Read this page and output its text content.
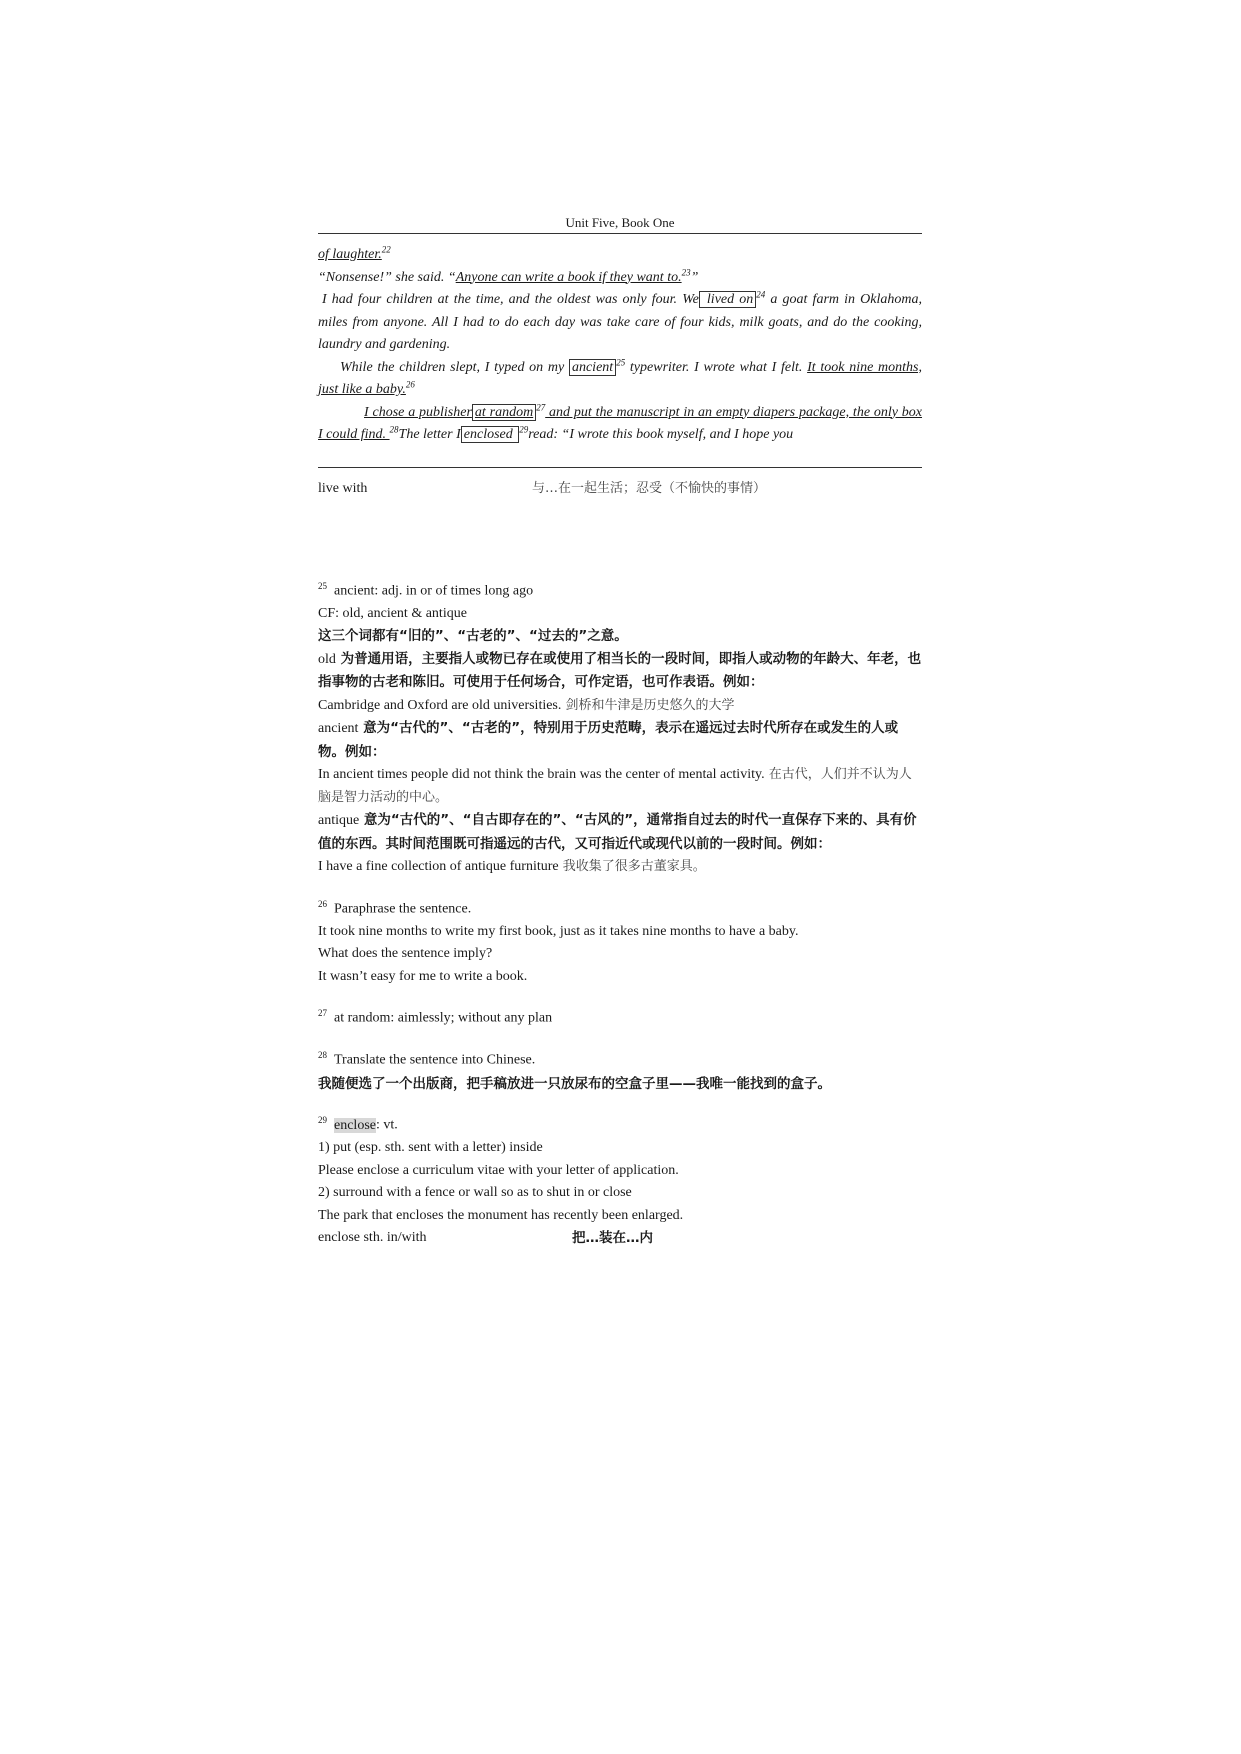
Unit Five, Book One

of laughter.$^{22}$

“Nonsense!” she said. “Anyone can write a book if they want to.$^{23}$”

I had four children at the time, and the oldest was only four. We lived on $^{24}$ a goat farm in Oklahoma, miles from anyone. All I had to do each day was take care of four kids, milk goats, and do the cooking, laundry and gardening.

While the children slept, I typed on my ancient $^{25}$ typewriter. I wrote what I felt. It took nine months, just like a baby.$^{26}$

I chose a publisher at random $^{27}$ and put the manuscript in an empty diapers package, the only box I could find. $^{28}$The letter I enclosed $^{29}$read: “I wrote this book myself, and I hope you

live with	与…在一起生活；忍受（不愉快的事情）

$^{25}$ ancient: adj. in or of times long ago

CF: old, ancient & antique

这三个词都有“旧的”、“古老的”、“过去的”之意。

old 为普通用语，主要指人或物已存在或使用了相当长的一段时间，即指人或动物的年龄大、年老，也指事物的古老和陈旧。可使用于任何场合，可作定语，也可作表语。例如：

Cambridge and Oxford are old universities. 剑桥和牛津是历史悠久的大学

ancient 意为“古代的”、“古老的”，特别用于历史范畴，表示在遥远过去时代所存在或发生的人或物。例如：

In ancient times people did not think the brain was the center of mental activity. 在古代，人们并不认为人脑是智力活动的中心。

antique 意为“古代的”、“自古即存在的”、“古风的”，通常指自过去的时代一直保存下来的、具有价值的东西。其时间范围既可指遥远的古代，又可指近代或现代以前的一段时间。例如：

I have a fine collection of antique furniture 我收集了很多古董家具。

$^{26}$ Paraphrase the sentence.

It took nine months to write my first book, just as it takes nine months to have a baby.

What does the sentence imply?

It wasn’t easy for me to write a book.

$^{27}$ at random: aimlessly; without any plan

$^{28}$ Translate the sentence into Chinese.

我随便选了一个出版商，把手稿放进一只放尿布的空盒子里——我唯一能找到的盒子。

$^{29}$ enclose: vt.

1) put (esp. sth. sent with a letter) inside

Please enclose a curriculum vitae with your letter of application.

2) surround with a fence or wall so as to shut in or close

The park that encloses the monument has recently been enlarged.

enclose sth. in/with	把…装在…内
